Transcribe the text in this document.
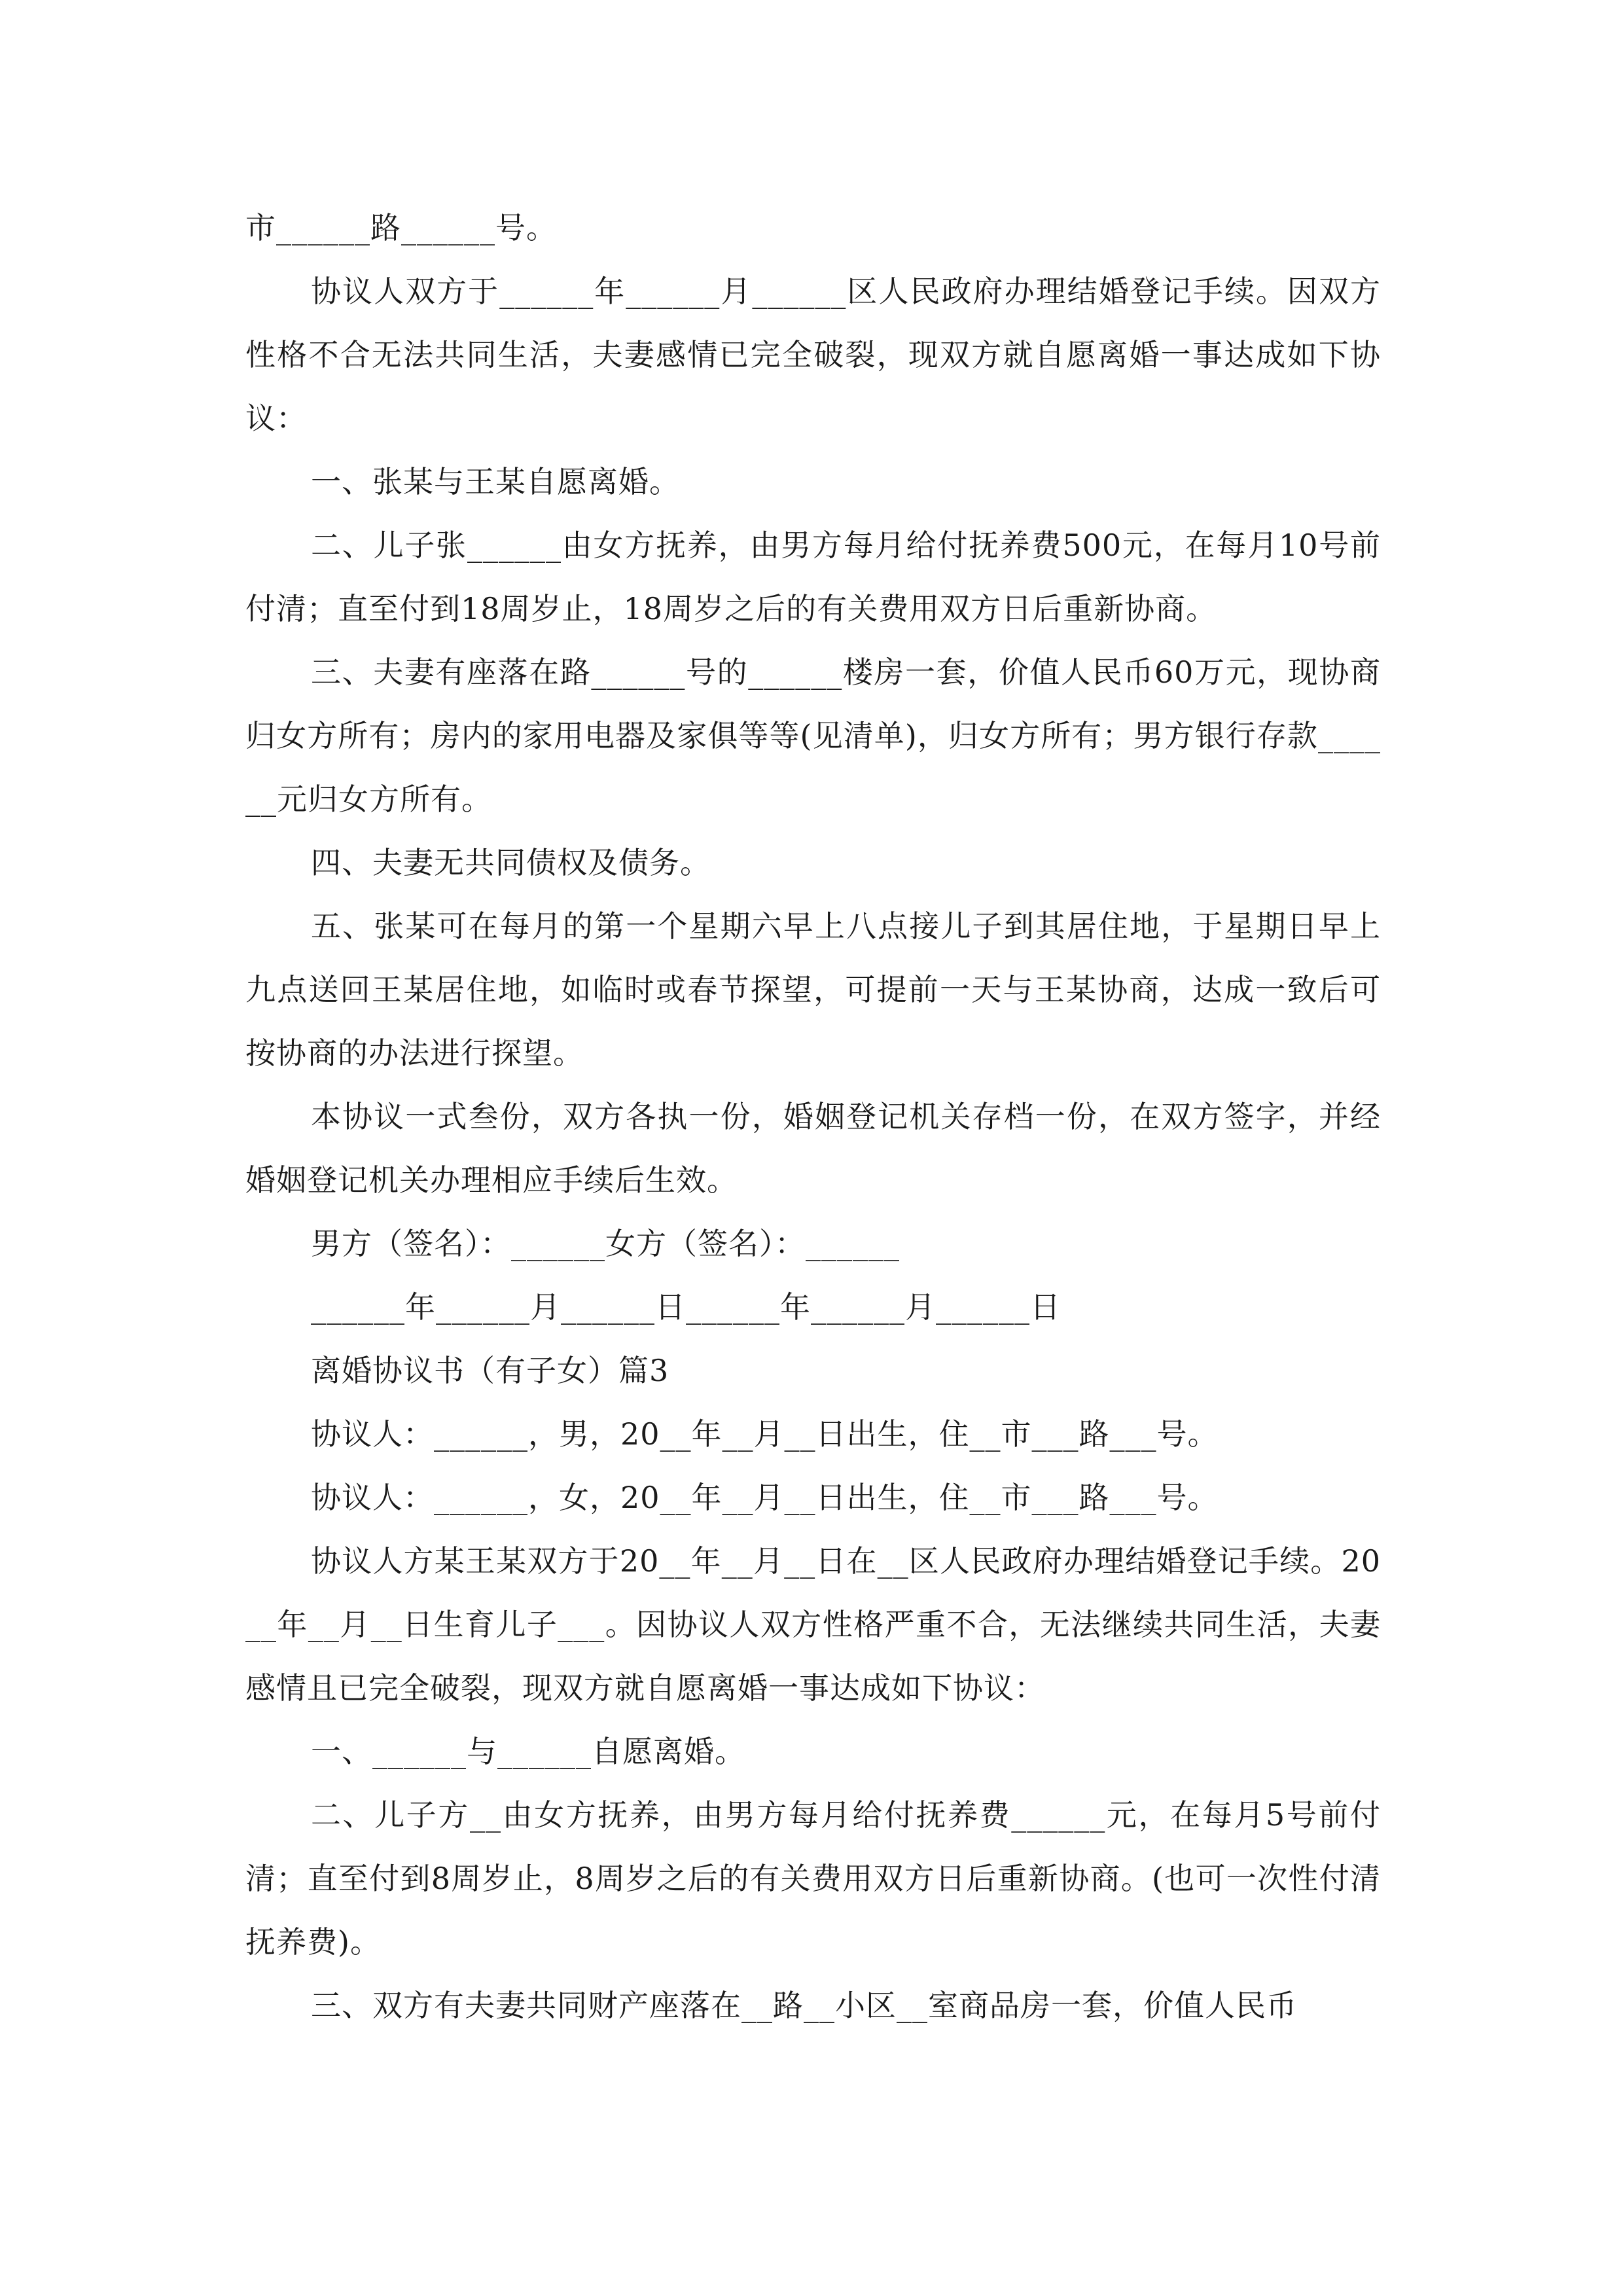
市______路______号。

协议人双方于______年______月______区人民政府办理结婚登记手续。因双方性格不合无法共同生活，夫妻感情已完全破裂，现双方就自愿离婚一事达成如下协议：

一、张某与王某自愿离婚。

二、儿子张______由女方抚养，由男方每月给付抚养费500元，在每月10号前付清；直至付到18周岁止，18周岁之后的有关费用双方日后重新协商。

三、夫妻有座落在路______号的______楼房一套，价值人民币60万元，现协商归女方所有；房内的家用电器及家俱等等(见清单)，归女方所有；男方银行存款______元归女方所有。

四、夫妻无共同债权及债务。

五、张某可在每月的第一个星期六早上八点接儿子到其居住地，于星期日早上九点送回王某居住地，如临时或春节探望，可提前一天与王某协商，达成一致后可按协商的办法进行探望。

本协议一式叁份，双方各执一份，婚姻登记机关存档一份，在双方签字，并经婚姻登记机关办理相应手续后生效。

男方（签名）：______女方（签名）：______

______年______月______日______年______月______日

离婚协议书（有子女）篇3

协议人：______，男，20__年__月__日出生，住__市___路___号。

协议人：______，女，20__年__月__日出生，住__市___路___号。

协议人方某王某双方于20__年__月__日在__区人民政府办理结婚登记手续。20__年__月__日生育儿子___。因协议人双方性格严重不合，无法继续共同生活，夫妻感情且已完全破裂，现双方就自愿离婚一事达成如下协议：

一、______与______自愿离婚。

二、儿子方__由女方抚养，由男方每月给付抚养费______元，在每月5号前付清；直至付到8周岁止，8周岁之后的有关费用双方日后重新协商。(也可一次性付清抚养费)。

三、双方有夫妻共同财产座落在__路__小区__室商品房一套，价值人民币
